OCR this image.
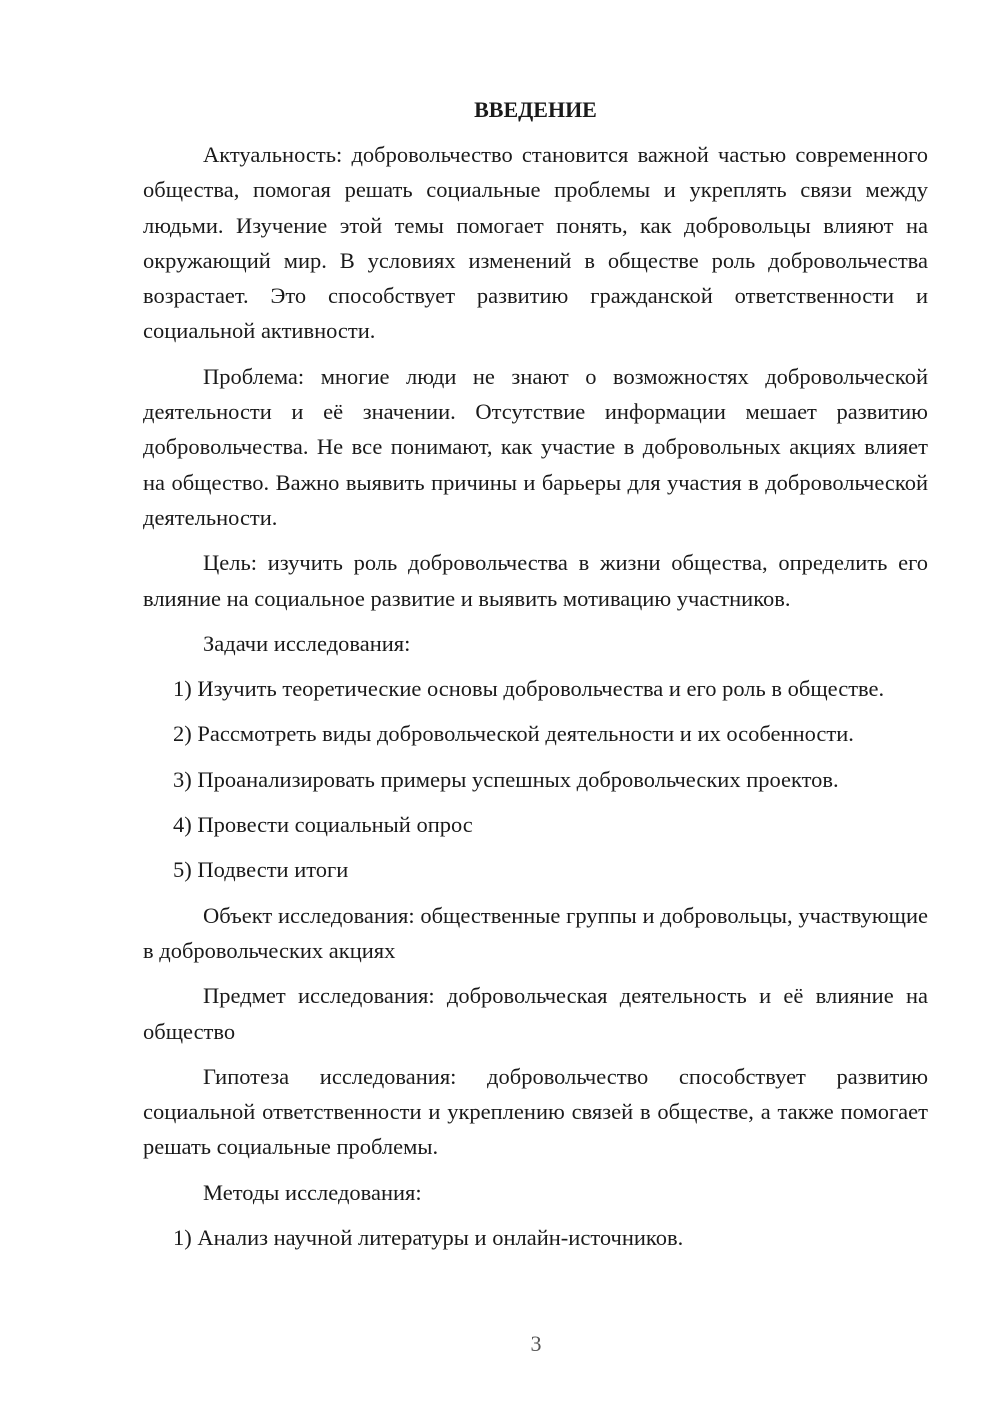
ВВЕДЕНИЕ

Актуальность: добровольчество становится важной частью современного общества, помогая решать социальные проблемы и укреплять связи между людьми. Изучение этой темы помогает понять, как добровольцы влияют на окружающий мир. В условиях изменений в обществе роль добровольчества возрастает. Это способствует развитию гражданской ответственности и социальной активности.

Проблема: многие люди не знают о возможностях добровольческой деятельности и её значении. Отсутствие информации мешает развитию добровольчества. Не все понимают, как участие в добровольных акциях влияет на общество. Важно выявить причины и барьеры для участия в добровольческой деятельности.

Цель: изучить роль добровольчества в жизни общества, определить его влияние на социальное развитие и выявить мотивацию участников.

Задачи исследования:

1) Изучить теоретические основы добровольчества и его роль в обществе.

2) Рассмотреть виды добровольческой деятельности и их особенности.

3) Проанализировать примеры успешных добровольческих проектов.

4) Провести социальный опрос

5) Подвести итоги

Объект исследования: общественные группы и добровольцы, участвующие в добровольческих акциях

Предмет исследования: добровольческая деятельность и её влияние на общество

Гипотеза исследования: добровольчество способствует развитию социальной ответственности и укреплению связей в обществе, а также помогает решать социальные проблемы.

Методы исследования:

1) Анализ научной литературы и онлайн-источников.

3
